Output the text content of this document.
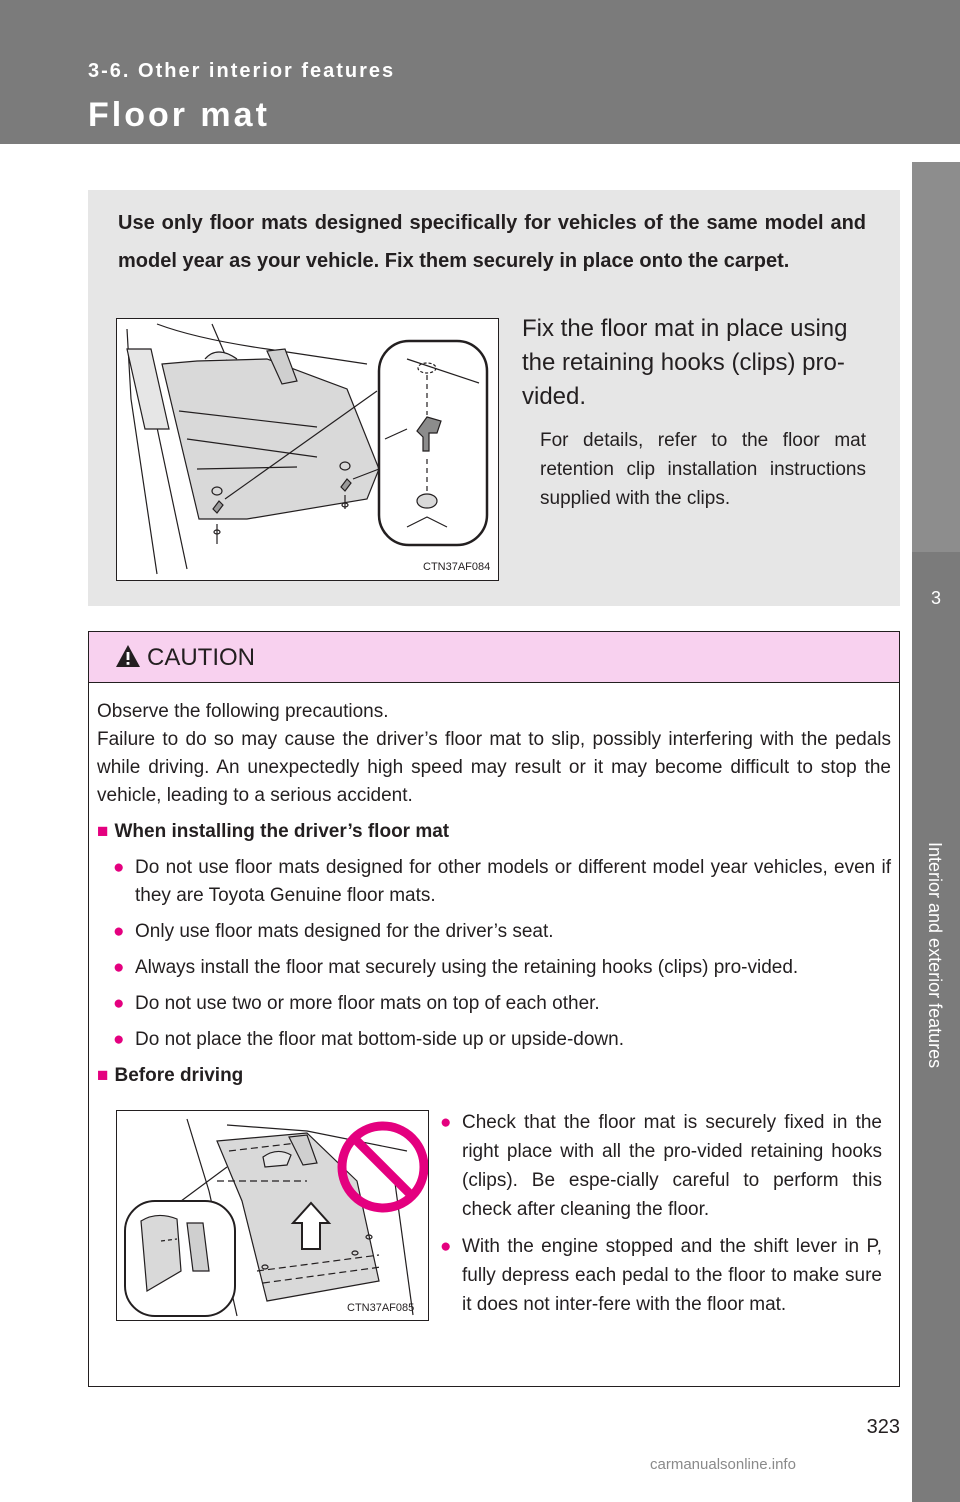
3-6. Other interior features
Floor mat
3
Interior and exterior features
Use only floor mats designed specifically for vehicles of the same model and model year as your vehicle. Fix them securely in place onto the carpet.
CTN37AF084
Fix the floor mat in place using the retaining hooks (clips) pro-vided.
For details, refer to the floor mat retention clip installation instructions supplied with the clips.
CAUTION
Observe the following precautions.
Failure to do so may cause the driver’s floor mat to slip, possibly interfering with the pedals while driving. An unexpectedly high speed may result or it may become difficult to stop the vehicle, leading to a serious accident.
■ When installing the driver’s floor mat
● Do not use floor mats designed for other models or different model year vehicles, even if they are Toyota Genuine floor mats.
● Only use floor mats designed for the driver’s seat.
● Always install the floor mat securely using the retaining hooks (clips) pro-vided.
● Do not use two or more floor mats on top of each other.
● Do not place the floor mat bottom-side up or upside-down.
■ Before driving
CTN37AF085
● Check that the floor mat is securely fixed in the right place with all the pro-vided retaining hooks (clips). Be espe-cially careful to perform this check after cleaning the floor.
● With the engine stopped and the shift lever in P, fully depress each pedal to the floor to make sure it does not inter-fere with the floor mat.
323
carmanualsonline.info
